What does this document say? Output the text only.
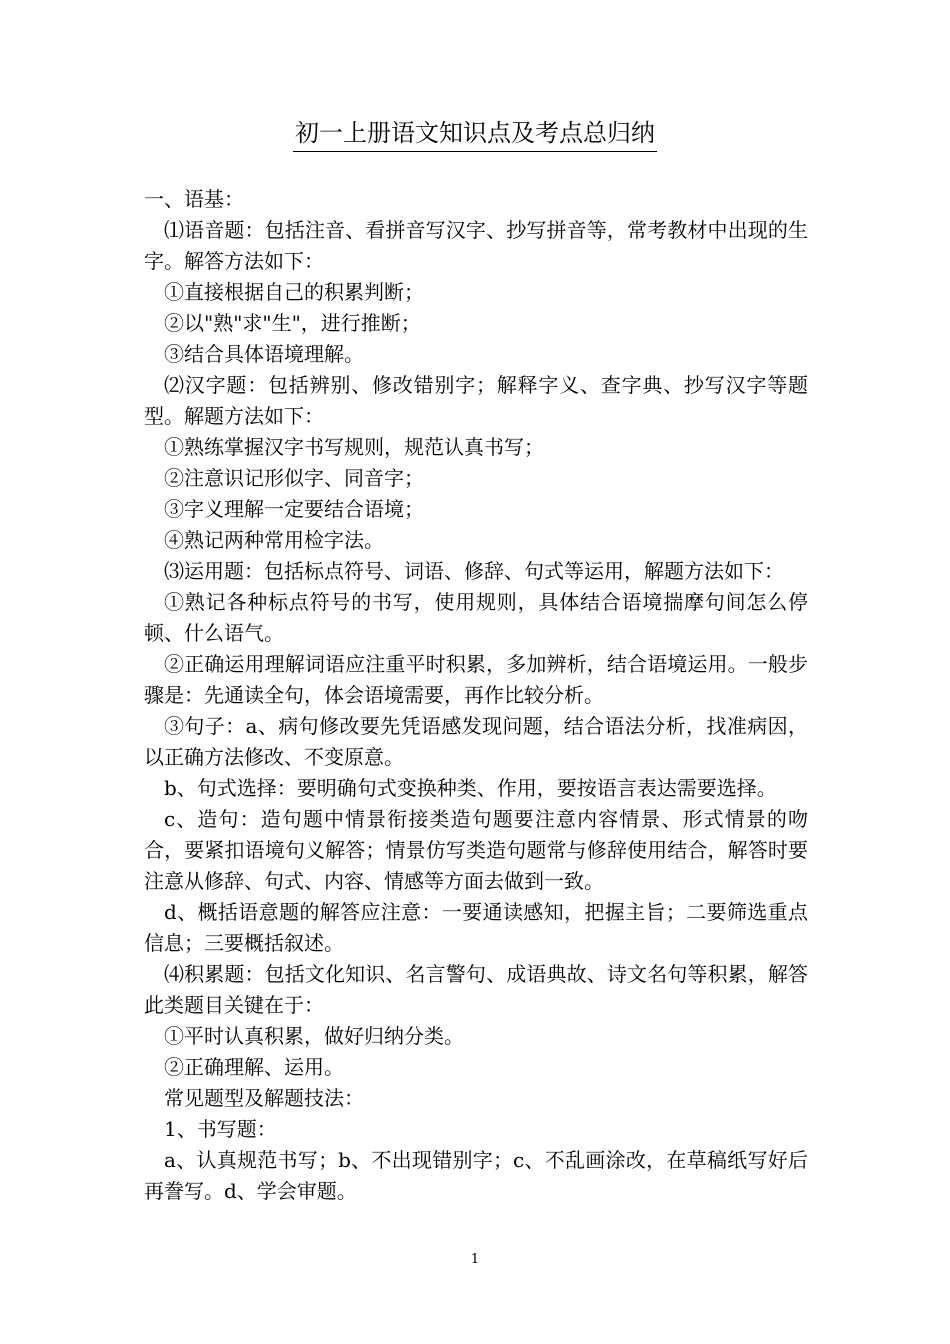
初一上册语文知识点及考点总归纳

一、语基：

⑴语音题：包括注音、看拼音写汉字、抄写拼音等，常考教材中出现的生字。解答方法如下：

①直接根据自己的积累判断；

②以"熟"求"生"，进行推断；

③结合具体语境理解。

⑵汉字题：包括辨别、修改错别字；解释字义、查字典、抄写汉字等题型。解题方法如下：

①熟练掌握汉字书写规则，规范认真书写；

②注意识记形似字、同音字；

③字义理解一定要结合语境；

④熟记两种常用检字法。

⑶运用题：包括标点符号、词语、修辞、句式等运用，解题方法如下：

①熟记各种标点符号的书写，使用规则，具体结合语境揣摩句间怎么停顿、什么语气。

②正确运用理解词语应注重平时积累，多加辨析，结合语境运用。一般步骤是：先通读全句，体会语境需要，再作比较分析。

③句子：a、病句修改要先凭语感发现问题，结合语法分析，找准病因，以正确方法修改、不变原意。

b、句式选择：要明确句式变换种类、作用，要按语言表达需要选择。

c、造句：造句题中情景衔接类造句题要注意内容情景、形式情景的吻合，要紧扣语境句义解答；情景仿写类造句题常与修辞使用结合，解答时要注意从修辞、句式、内容、情感等方面去做到一致。

d、概括语意题的解答应注意：一要通读感知，把握主旨；二要筛选重点信息；三要概括叙述。

⑷积累题：包括文化知识、名言警句、成语典故、诗文名句等积累，解答此类题目关键在于：

①平时认真积累，做好归纳分类。

②正确理解、运用。

常见题型及解题技法：

1、书写题：

a、认真规范书写；b、不出现错别字；c、不乱画涂改，在草稿纸写好后再誊写。d、学会审题。

1
